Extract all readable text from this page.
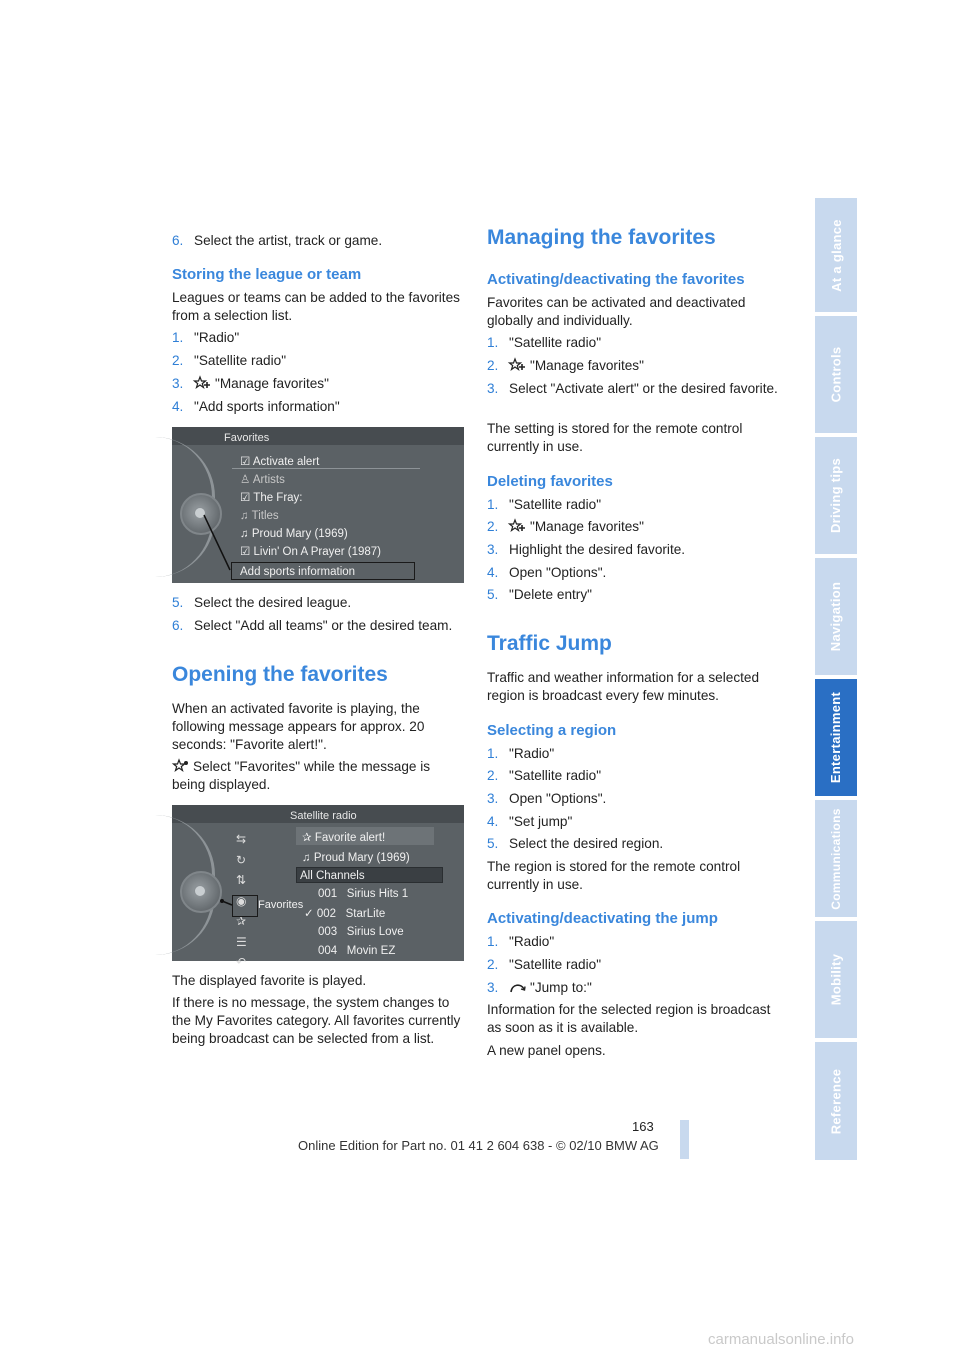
6. Select the artist, track or game.
Storing the league or team

Leagues or teams can be added to the favorites from a selection list.

1. "Radio"
2. "Satellite radio"
3. "Manage favorites"
4. "Add sports information"
Favorites
☑ Activate alert
♙ Artists
☑ The Fray:
♫ Titles
♫ Proud Mary (1969)
☑ Livin' On A Prayer (1987)
Add sports information
5. Select the desired league.
6. Select "Add all teams" or the desired team.
Opening the favorites

When an activated favorite is playing, the following message appears for approx. 20 seconds: "Favorite alert!".

Select "Favorites" while the message is being displayed.

Satellite radio
⇆
↻
⇅
◉
✰
☰
↶
Favorites
✰ Favorite alert!
♫ Proud Mary (1969)
All Channels
001 Sirius Hits 1
✓ 002 StarLite
003 Sirius Love
004 Movin EZ

The displayed favorite is played.

If there is no message, the system changes to the My Favorites category. All favorites currently being broadcast can be selected from a list.

Managing the favorites
Activating/deactivating the favorites

Favorites can be activated and deactivated globally and individually.

1. "Satellite radio"
2. "Manage favorites"
3. Select "Activate alert" or the desired favorite.

The setting is stored for the remote control currently in use.

Deleting favorites
1. "Satellite radio"
2. "Manage favorites"
3. Highlight the desired favorite.
4. Open "Options".
5. "Delete entry"
Traffic Jump

Traffic and weather information for a selected region is broadcast every few minutes.

Selecting a region
1. "Radio"
2. "Satellite radio"
3. Open "Options".
4. "Set jump"
5. Select the desired region.

The region is stored for the remote control currently in use.

Activating/deactivating the jump
1. "Radio"
2. "Satellite radio"
3. "Jump to:"

Information for the selected region is broadcast as soon as it is available.

A new panel opens.

At a glance
Controls
Driving tips
Navigation
Entertainment
Communications
Mobility
Reference
163
Online Edition for Part no. 01 41 2 604 638 - © 02/10 BMW AG
carmanualsonline.info
